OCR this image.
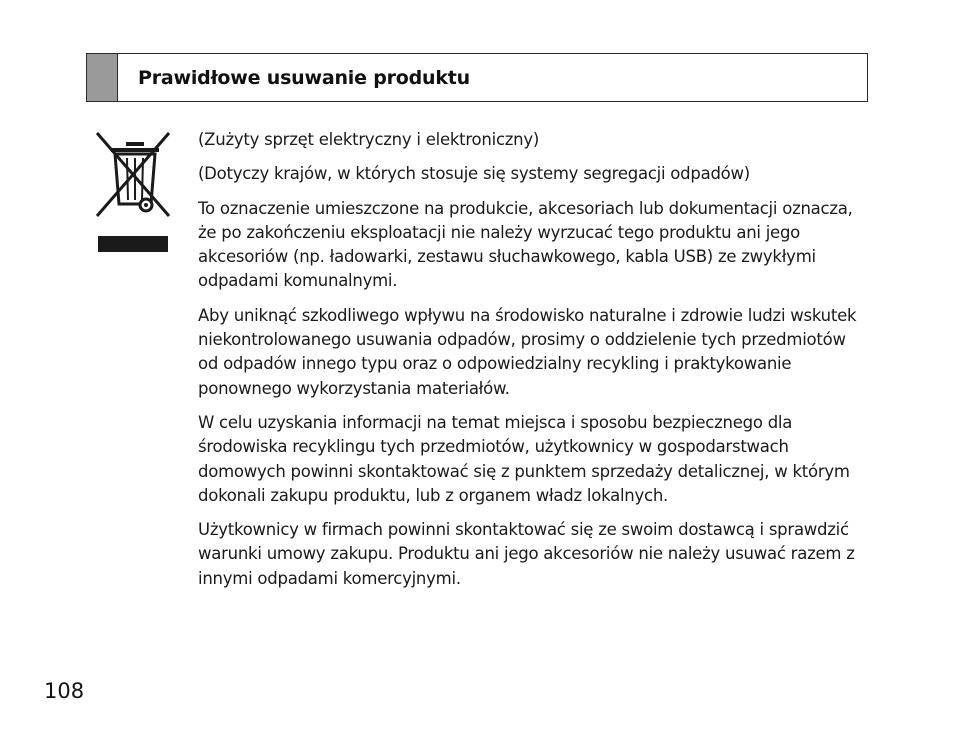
Prawidłowe usuwanie produktu

(Zużyty sprzęt elektryczny i elektroniczny)

(Dotyczy krajów, w których stosuje się systemy segregacji odpadów)

To oznaczenie umieszczone na produkcie, akcesoriach lub dokumentacji oznacza, że po zakończeniu eksploatacji nie należy wyrzucać tego produktu ani jego akcesoriów (np. ładowarki, zestawu słuchawkowego, kabla USB) ze zwykłymi odpadami komunalnymi.

Aby uniknąć szkodliwego wpływu na środowisko naturalne i zdrowie ludzi wskutek niekontrolowanego usuwania odpadów, prosimy o oddzielenie tych przedmiotów od odpadów innego typu oraz o odpowiedzialny recykling i praktykowanie ponownego wykorzystania materiałów.

W celu uzyskania informacji na temat miejsca i sposobu bezpiecznego dla środowiska recyklingu tych przedmiotów, użytkownicy w gospodarstwach domowych powinni skontaktować się z punktem sprzedaży detalicznej, w którym dokonali zakupu produktu, lub z organem władz lokalnych.

Użytkownicy w firmach powinni skontaktować się ze swoim dostawcą i sprawdzić warunki umowy zakupu. Produktu ani jego akcesoriów nie należy usuwać razem z innymi odpadami komercyjnymi.

108
